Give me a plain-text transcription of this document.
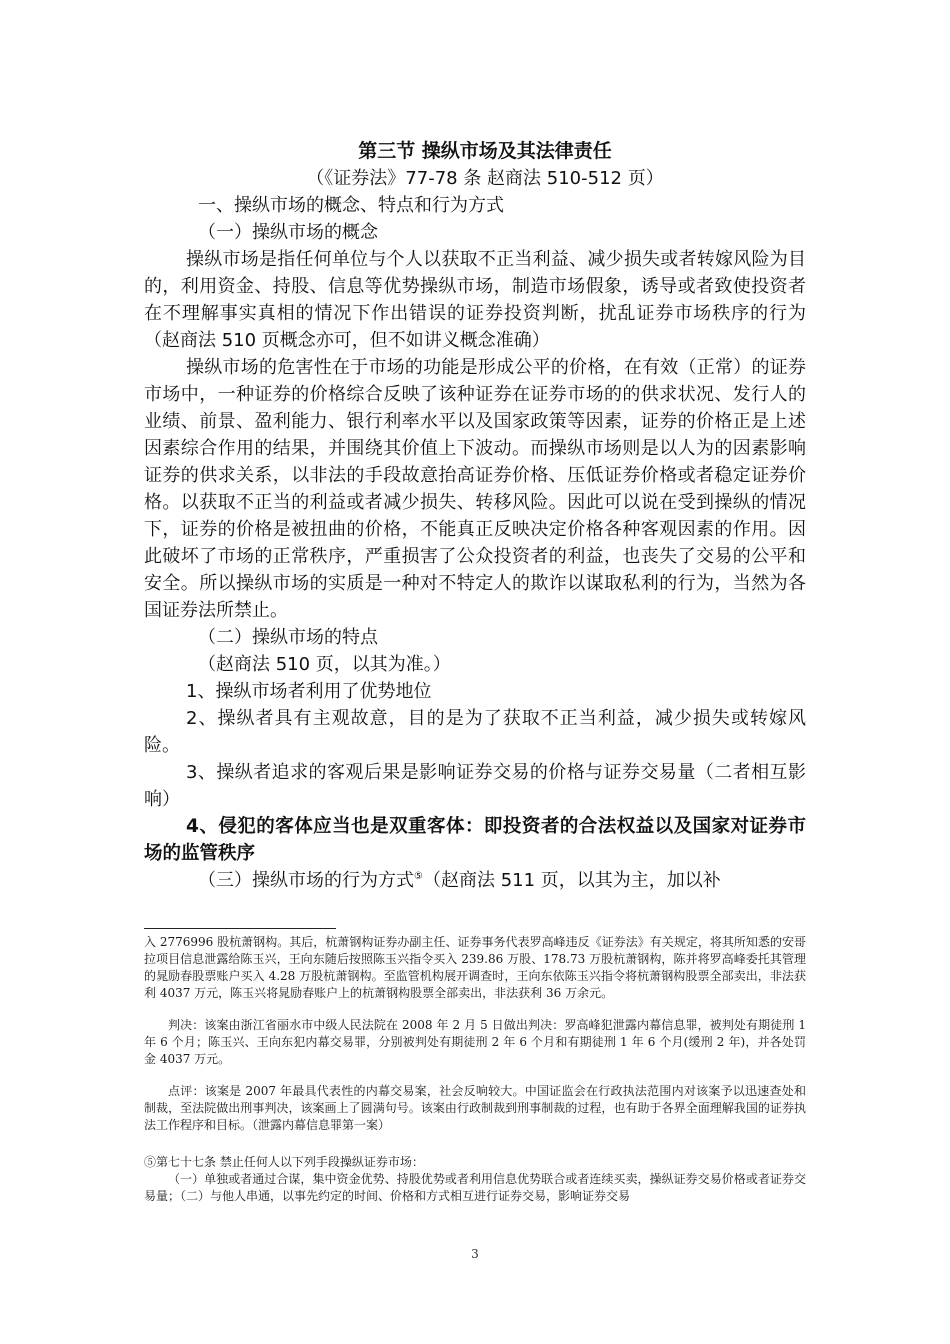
第三节 操纵市场及其法律责任
（《证券法》77-78 条 赵商法 510-512 页）

一、操纵市场的概念、特点和行为方式

（一）操纵市场的概念

操纵市场是指任何单位与个人以获取不正当利益、减少损失或者转嫁风险为目的，利用资金、持股、信息等优势操纵市场，制造市场假象，诱导或者致使投资者在不理解事实真相的情况下作出错误的证券投资判断，扰乱证券市场秩序的行为（赵商法 510 页概念亦可，但不如讲义概念准确）

操纵市场的危害性在于市场的功能是形成公平的价格，在有效（正常）的证券市场中，一种证券的价格综合反映了该种证券在证券市场的的供求状况、发行人的业绩、前景、盈利能力、银行利率水平以及国家政策等因素，证券的价格正是上述因素综合作用的结果，并围绕其价值上下波动。而操纵市场则是以人为的因素影响证券的供求关系，以非法的手段故意抬高证券价格、压低证券价格或者稳定证券价格。以获取不正当的利益或者减少损失、转移风险。因此可以说在受到操纵的情况下，证券的价格是被扭曲的价格，不能真正反映决定价格各种客观因素的作用。因此破坏了市场的正常秩序，严重损害了公众投资者的利益，也丧失了交易的公平和安全。所以操纵市场的实质是一种对不特定人的欺诈以谋取私利的行为，当然为各国证券法所禁止。

（二）操纵市场的特点

（赵商法 510 页，以其为准。）

1、操纵市场者利用了优势地位

2、操纵者具有主观故意，目的是为了获取不正当利益，减少损失或转嫁风险。

3、操纵者追求的客观后果是影响证券交易的价格与证券交易量（二者相互影响）

4、侵犯的客体应当也是双重客体：即投资者的合法权益以及国家对证券市场的监管秩序

（三）操纵市场的行为方式⑤（赵商法 511 页，以其为主，加以补

入 2776996 股杭萧钢构。其后，杭萧钢构证券办副主任、证券事务代表罗高峰违反《证券法》有关规定，将其所知悉的安哥拉项目信息泄露给陈玉兴，王向东随后按照陈玉兴指令买入 239.86 万股、178.73 万股杭萧钢构，陈并将罗高峰委托其管理的晁励春股票账户买入 4.28 万股杭萧钢构。至监管机构展开调查时，王向东依陈玉兴指令将杭萧钢构股票全部卖出，非法获利 4037 万元，陈玉兴将晁励春账户上的杭萧钢构股票全部卖出，非法获利 36 万余元。

判决：该案由浙江省丽水市中级人民法院在 2008 年 2 月 5 日做出判决：罗高峰犯泄露内幕信息罪，被判处有期徒刑 1 年 6 个月；陈玉兴、王向东犯内幕交易罪，分别被判处有期徒刑 2 年 6 个月和有期徒刑 1 年 6 个月(缓刑 2 年)，并各处罚金 4037 万元。

点评：该案是 2007 年最具代表性的内幕交易案，社会反响较大。中国证监会在行政执法范围内对该案予以迅速查处和制裁，至法院做出刑事判决，该案画上了圆满句号。该案由行政制裁到刑事制裁的过程，也有助于各界全面理解我国的证券执法工作程序和目标。（泄露内幕信息罪第一案）

⑤第七十七条 禁止任何人以下列手段操纵证券市场：

（一）单独或者通过合谋，集中资金优势、持股优势或者利用信息优势联合或者连续买卖，操纵证券交易价格或者证券交易量；（二）与他人串通，以事先约定的时间、价格和方式相互进行证券交易，影响证券交易

3
